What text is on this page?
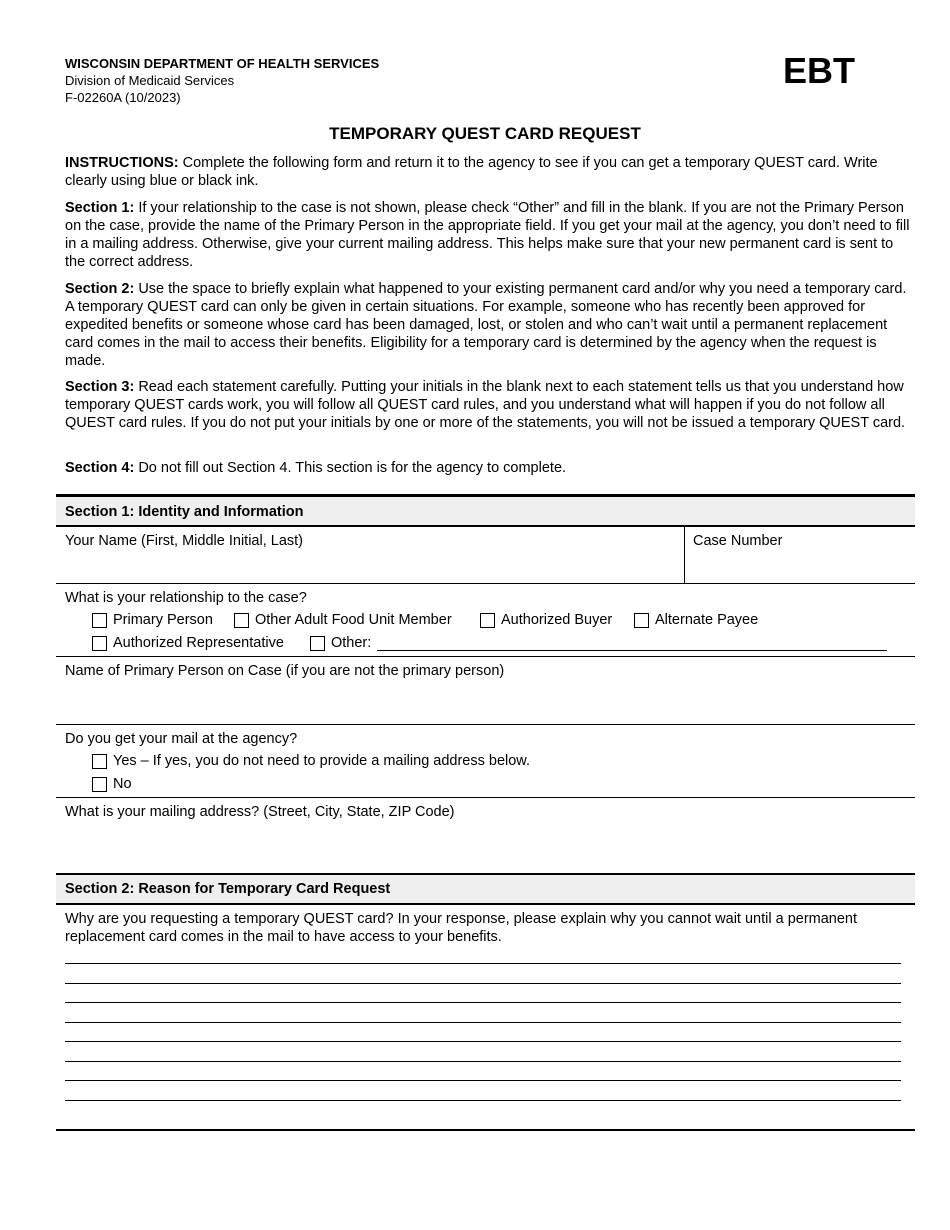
WISCONSIN DEPARTMENT OF HEALTH SERVICES
Division of Medicaid Services
F-02260A (10/2023)
EBT
TEMPORARY QUEST CARD REQUEST
INSTRUCTIONS: Complete the following form and return it to the agency to see if you can get a temporary QUEST card. Write clearly using blue or black ink.
Section 1: If your relationship to the case is not shown, please check “Other” and fill in the blank. If you are not the Primary Person on the case, provide the name of the Primary Person in the appropriate field. If you get your mail at the agency, you don’t need to fill in a mailing address. Otherwise, give your current mailing address. This helps make sure that your new permanent card is sent to the correct address.
Section 2: Use the space to briefly explain what happened to your existing permanent card and/or why you need a temporary card. A temporary QUEST card can only be given in certain situations. For example, someone who has recently been approved for expedited benefits or someone whose card has been damaged, lost, or stolen and who can’t wait until a permanent replacement card comes in the mail to access their benefits. Eligibility for a temporary card is determined by the agency when the request is made.
Section 3: Read each statement carefully. Putting your initials in the blank next to each statement tells us that you understand how temporary QUEST cards work, you will follow all QUEST card rules, and you understand what will happen if you do not follow all QUEST card rules. If you do not put your initials by one or more of the statements, you will not be issued a temporary QUEST card.
Section 4: Do not fill out Section 4. This section is for the agency to complete.
Section 1: Identity and Information
Your Name (First, Middle Initial, Last)	Case Number
What is your relationship to the case?
Primary Person	Other Adult Food Unit Member	Authorized Buyer	Alternate Payee
Authorized Representative	Other:
Name of Primary Person on Case (if you are not the primary person)
Do you get your mail at the agency?
Yes – If yes, you do not need to provide a mailing address below.
No
What is your mailing address? (Street, City, State, ZIP Code)
Section 2: Reason for Temporary Card Request
Why are you requesting a temporary QUEST card? In your response, please explain why you cannot wait until a permanent replacement card comes in the mail to have access to your benefits.
